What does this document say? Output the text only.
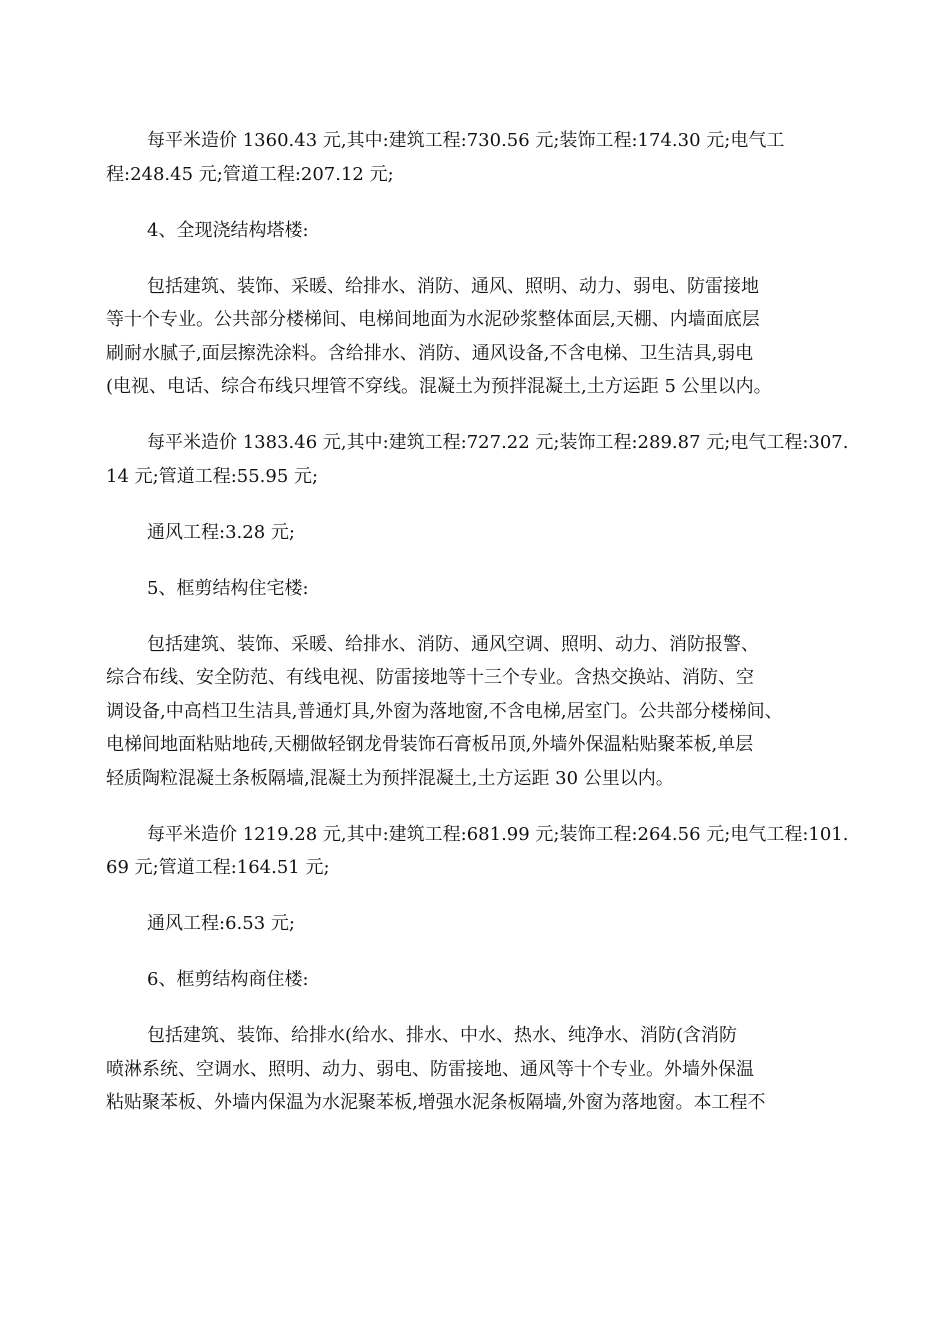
每平米造价 1360.43 元,其中:建筑工程:730.56 元;装饰工程:174.30 元;电气工
程:248.45 元;管道工程:207.12 元;

4、全现浇结构塔楼:

包括建筑、装饰、采暖、给排水、消防、通风、照明、动力、弱电、防雷接地
等十个专业。公共部分楼梯间、电梯间地面为水泥砂浆整体面层,天棚、内墙面底层
刷耐水腻子,面层擦洗涂料。含给排水、消防、通风设备,不含电梯、卫生洁具,弱电
(电视、电话、综合布线只埋管不穿线。混凝土为预拌混凝土,土方运距 5 公里以内。

每平米造价 1383.46 元,其中:建筑工程:727.22 元;装饰工程:289.87 元;电气工程:307.
14 元;管道工程:55.95 元;

通风工程:3.28 元;

5、框剪结构住宅楼:

包括建筑、装饰、采暖、给排水、消防、通风空调、照明、动力、消防报警、
综合布线、安全防范、有线电视、防雷接地等十三个专业。含热交换站、消防、空
调设备,中高档卫生洁具,普通灯具,外窗为落地窗,不含电梯,居室门。公共部分楼梯间、
电梯间地面粘贴地砖,天棚做轻钢龙骨装饰石膏板吊顶,外墙外保温粘贴聚苯板,单层
轻质陶粒混凝土条板隔墙,混凝土为预拌混凝土,土方运距 30 公里以内。

每平米造价 1219.28 元,其中:建筑工程:681.99 元;装饰工程:264.56 元;电气工程:101.
69 元;管道工程:164.51 元;

通风工程:6.53 元;

6、框剪结构商住楼:

包括建筑、装饰、给排水(给水、排水、中水、热水、纯净水、消防(含消防
喷淋系统、空调水、照明、动力、弱电、防雷接地、通风等十个专业。外墙外保温
粘贴聚苯板、外墙内保温为水泥聚苯板,增强水泥条板隔墙,外窗为落地窗。本工程不
